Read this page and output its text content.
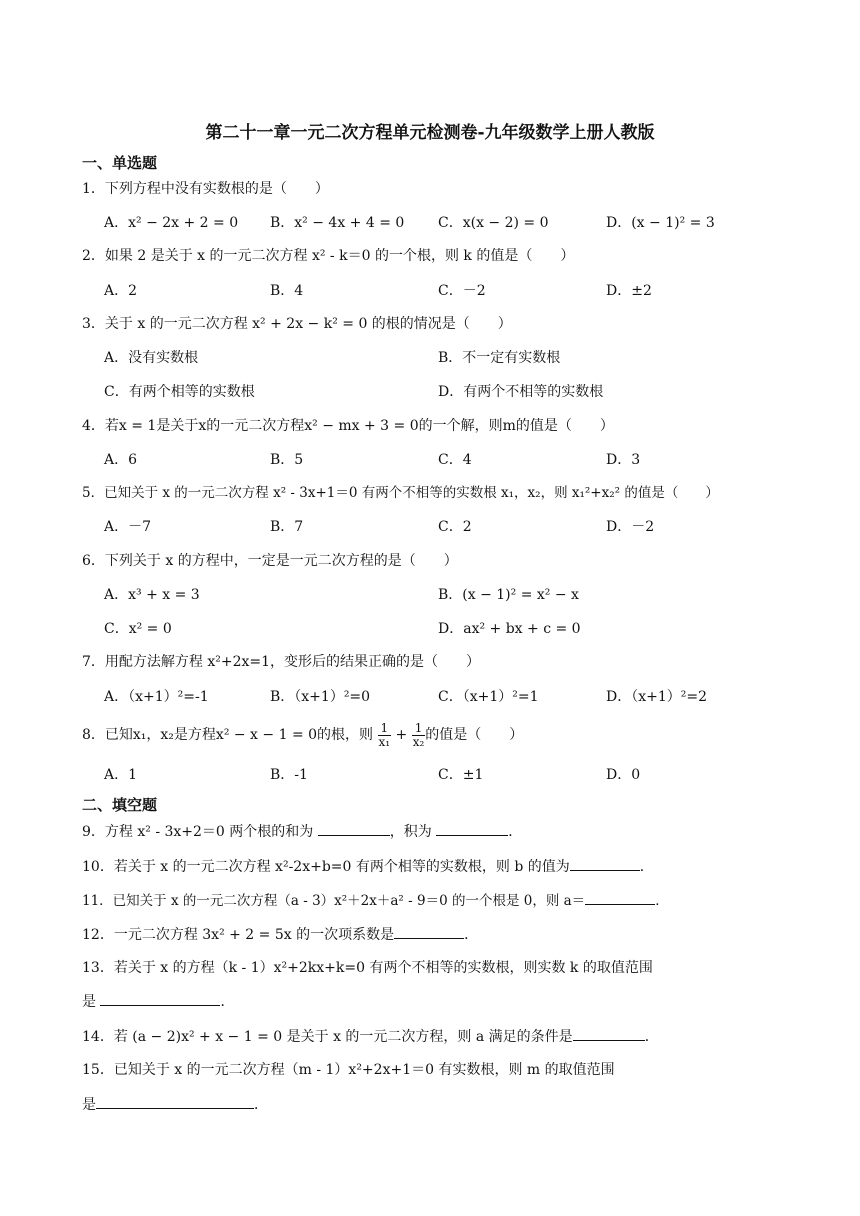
第二十一章一元二次方程单元检测卷-九年级数学上册人教版
一、单选题
1．下列方程中没有实数根的是（　　）
A．x² − 2x + 2 = 0 B．x² − 4x + 4 = 0 C．x(x − 2) = 0	D．(x − 1)² = 3
2．如果 2 是关于 x 的一元二次方程 x² - k＝0 的一个根，则 k 的值是（　　）
A．2	B．4	C．－2	D．±2
3．关于 x 的一元二次方程 x² + 2x − k² = 0 的根的情况是（　　）
A．没有实数根	B．不一定有实数根
C．有两个相等的实数根	D．有两个不相等的实数根
4．若x = 1是关于x的一元二次方程x² − mx + 3 = 0的一个解，则m的值是（　　）
A．6	B．5	C．4	D．3
5．已知关于 x 的一元二次方程 x² - 3x+1＝0 有两个不相等的实数根 x₁，x₂，则 x₁²+x₂² 的值是（　　）
A．－7	B．7	C．2	D．－2
6．下列关于 x 的方程中，一定是一元二次方程的是（　　）
A．x³ + x = 3	B．(x − 1)² = x² − x
C．x² = 0	D．ax² + bx + c = 0
7．用配方法解方程 x²+2x=1，变形后的结果正确的是（　　）
A．（x+1）²=-1	B．（x+1）²=0	C．（x+1）²=1	D．（x+1）²=2
8．已知x₁，x₂是方程x² − x − 1 = 0的根，则 $\frac{1}{\text{x₁}} + \frac{1}{\text{x₂}}$ 的值是（　　）
A．1	B．-1	C．±1	D．0
二、填空题
9．方程 x² - 3x+2＝0 两个根的和为	，积为	．
10．若关于 x 的一元二次方程 x²-2x+b=0 有两个相等的实数根，则 b 的值为	．
11．已知关于 x 的一元二次方程（a - 3）x²＋2x＋a² - 9＝0 的一个根是 0，则 a＝	．
12．一元二次方程 3x² + 2 = 5x 的一次项系数是	．
13．若关于 x 的方程（k - 1）x²+2kx+k=0 有两个不相等的实数根，则实数 k 的取值范围
是	．
14．若 (a − 2)x² + x − 1 = 0 是关于 x 的一元二次方程，则 a 满足的条件是	．
15．已知关于 x 的一元二次方程（m - 1）x²+2x+1＝0 有实数根，则 m 的取值范围
是	．
